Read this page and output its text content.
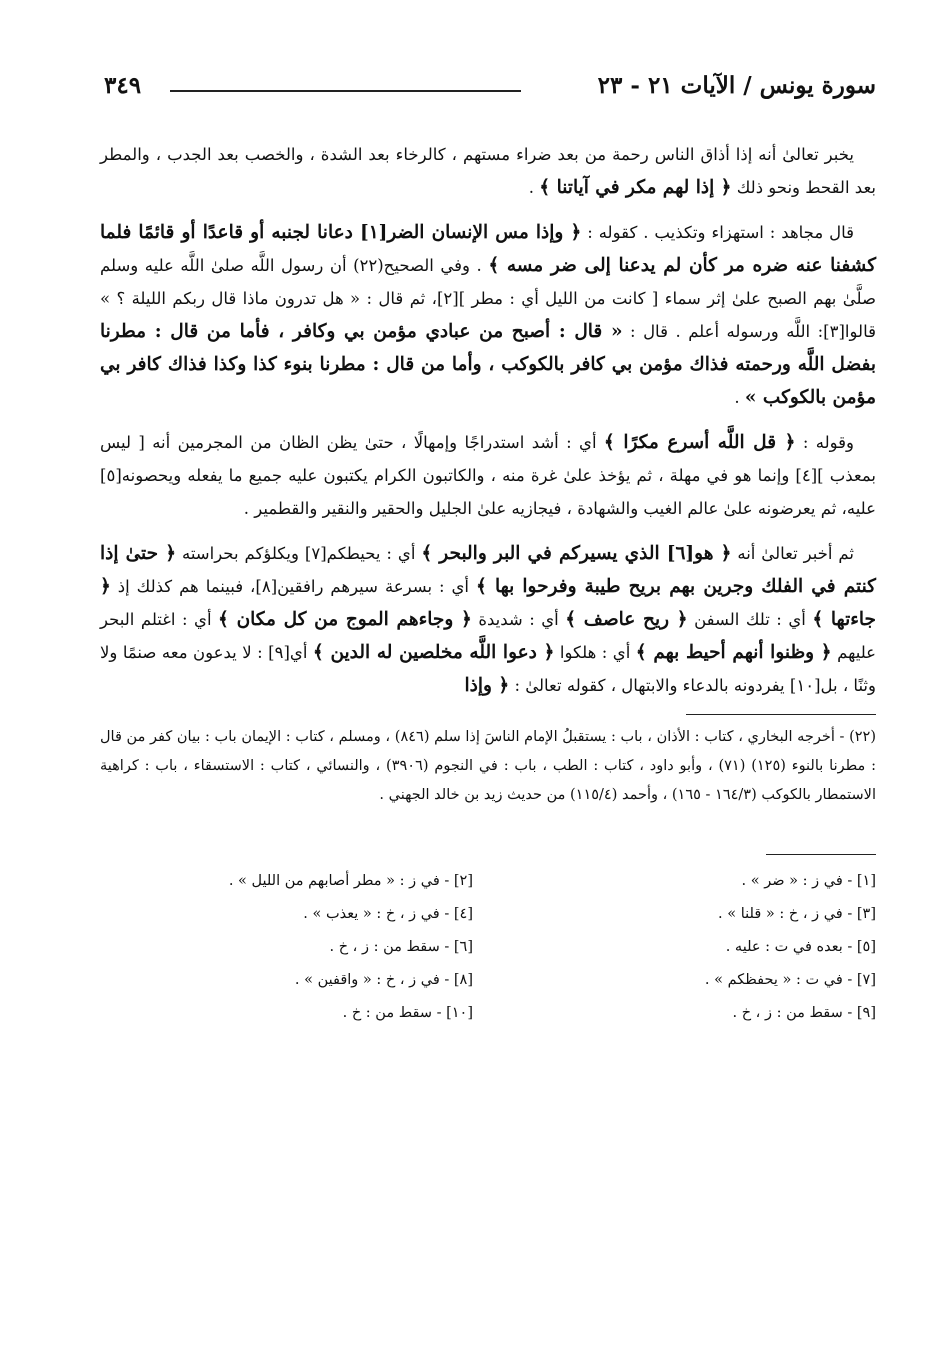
سورة يونس / الآيات ٢١ - ٢٣
٣٤٩

يخبر تعالىٰ أنه إذا أذاق الناس رحمة من بعد ضراء مستهم ، كالرخاء بعد الشدة ، والخصب بعد الجدب ، والمطر بعد القحط ونحو ذلك ﴿ إذا لهم مكر في آياتنا ﴾ .

قال مجاهد : استهزاء وتكذيب . كقوله : ﴿ وإذا مس الإنسان الضر[١] دعانا لجنبه أو قاعدًا أو قائمًا فلما كشفنا عنه ضره مر كأن لم يدعنا إلى ضر مسه ﴾ . وفي الصحيح(٢٢) أن رسول اللَّه صلىٰ اللَّه عليه وسلم صلَّىٰ بهم الصبح علىٰ إثر سماء [ كانت من الليل أي : مطر ][٢]، ثم قال : « هل تدرون ماذا قال ربكم الليلة ؟ » قالوا[٣]: اللَّه ورسوله أعلم . قال : « قال : أصبح من عبادي مؤمن بي وكافر ، فأما من قال : مطرنا بفضل اللَّه ورحمته فذاك مؤمن بي كافر بالكوكب ، وأما من قال : مطرنا بنوء كذا وكذا فذاك كافر بي مؤمن بالكوكب » .

وقوله : ﴿ قل اللَّه أسرع مكرًا ﴾ أي : أشد استدراجًا وإمهالًا ، حتىٰ يظن الظان من المجرمين أنه [ ليس بمعذب ][٤] وإنما هو في مهلة ، ثم يؤخذ علىٰ غرة منه ، والكاتبون الكرام يكتبون عليه جميع ما يفعله ويحصونه[٥] عليه، ثم يعرضونه علىٰ عالم الغيب والشهادة ، فيجازيه علىٰ الجليل والحقير والنقير والقطمير .

ثم أخبر تعالىٰ أنه ﴿ هو[٦] الذي يسيركم في البر والبحر ﴾ أي : يحيطكم[٧] ويكلؤكم بحراسته ﴿ حتىٰ إذا كنتم في الفلك وجرين بهم بريح طيبة وفرحوا بها ﴾ أي : بسرعة سيرهم رافقين[٨]، فبينما هم كذلك إذ ﴿ جاءتها ﴾ أي : تلك السفن ﴿ ريح عاصف ﴾ أي : شديدة ﴿ وجاءهم الموج من كل مكان ﴾ أي : اغتلم البحر عليهم ﴿ وظنوا أنهم أحيط بهم ﴾ أي : هلكوا ﴿ دعوا اللَّه مخلصين له الدين ﴾ أي[٩] : لا يدعون معه صنمًا ولا وثنًا ، بل[١٠] يفردونه بالدعاء والابتهال ، كقوله تعالىٰ : ﴿ وإذا

(٢٢) - أخرجه البخاري ، كتاب : الأذان ، باب : يستقبلُ الإمام الناسَ إذا سلم (٨٤٦) ، ومسلم ، كتاب : الإيمان باب : بيان كفر من قال : مطرنا بالنوء (١٢٥) (٧١) ، وأبو داود ، كتاب : الطب ، باب : في النجوم (٣٩٠٦) ، والنسائي ، كتاب : الاستسقاء ، باب : كراهية الاستمطار بالكوكب (١٦٤/٣ - ١٦٥) ، وأحمد (١١٥/٤) من حديث زيد بن خالد الجهني .

[١] - في ز : « ضر » .
[٢] - في ز : « مطر أصابهم من الليل » .
[٣] - في ز ، خ : « قلنا » .
[٤] - في ز ، خ : « يعذب » .
[٥] - بعده في ت : عليه .
[٦] - سقط من : ز ، خ .
[٧] - في ت : « يحفظكم » .
[٨] - في ز ، خ : « واقفين » .
[٩] - سقط من : ز ، خ .
[١٠] - سقط من : خ .
